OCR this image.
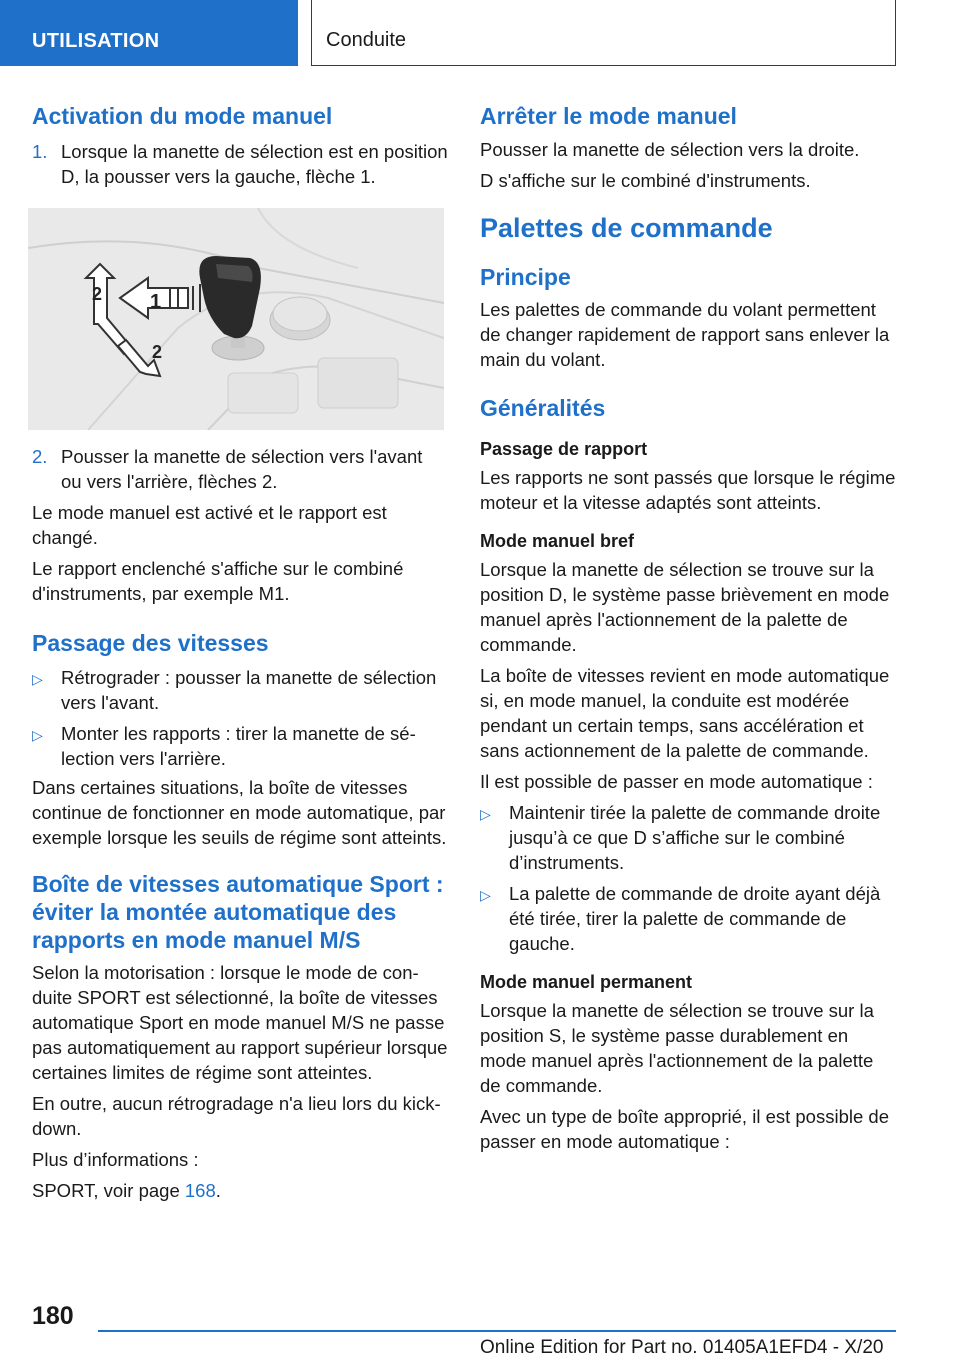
UTILISATION	Conduite
Activation du mode manuel
1. Lorsque la manette de sélection est en position D, la pousser vers la gauche, flèche 1.
1
2
2
2. Pousser la manette de sélection vers l'avant ou vers l'arrière, flèches 2.

Le mode manuel est activé et le rapport est changé.

Le rapport enclenché s'affiche sur le combiné d'instruments, par exemple M1.

Passage des vitesses
▷ Rétrograder : pousser la manette de sélection vers l'avant.
▷ Monter les rapports : tirer la manette de sélection vers l'arrière.

Dans certaines situations, la boîte de vitesses continue de fonctionner en mode automatique, par exemple lorsque les seuils de régime sont atteints.

Boîte de vitesses automatique Sport : éviter la montée automatique des rapports en mode manuel M/S

Selon la motorisation : lorsque le mode de conduite SPORT est sélectionné, la boîte de vitesses automatique Sport en mode manuel M/S ne passe pas automatiquement au rapport supérieur lorsque certaines limites de régime sont atteintes.

En outre, aucun rétrogradage n'a lieu lors du kick-down.

Plus d’informations :

SPORT, voir page 168.

Arrêter le mode manuel

Pousser la manette de sélection vers la droite.

D s'affiche sur le combiné d'instruments.

Palettes de commande
Principe

Les palettes de commande du volant permettent de changer rapidement de rapport sans enlever la main du volant.

Généralités
Passage de rapport

Les rapports ne sont passés que lorsque le régime moteur et la vitesse adaptés sont atteints.

Mode manuel bref

Lorsque la manette de sélection se trouve sur la position D, le système passe brièvement en mode manuel après l'actionnement de la palette de commande.

La boîte de vitesses revient en mode automatique si, en mode manuel, la conduite est modérée pendant un certain temps, sans accélération et sans actionnement de la palette de commande.

Il est possible de passer en mode automatique :

▷ Maintenir tirée la palette de commande droite jusqu’à ce que D s’affiche sur le combiné d’instruments.
▷ La palette de commande de droite ayant déjà été tirée, tirer la palette de commande de gauche.
Mode manuel permanent

Lorsque la manette de sélection se trouve sur la position S, le système passe durablement en mode manuel après l'actionnement de la palette de commande.

Avec un type de boîte approprié, il est possible de passer en mode automatique :

180
Online Edition for Part no. 01405A1EFD4 - X/20
